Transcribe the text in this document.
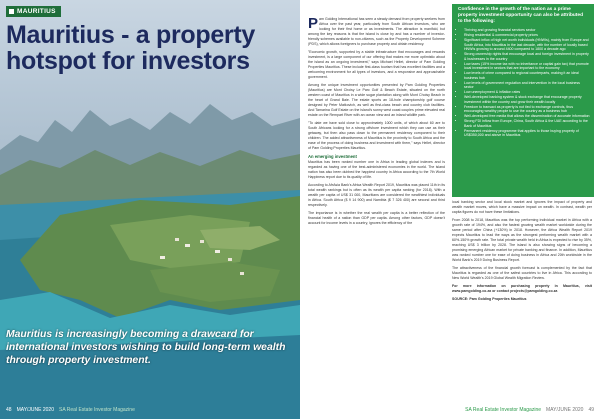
MAURITIUS
Mauritius - a property hotspot for investors
Mauritius is increasingly becoming a drawcard for international investors wishing to build long-term wealth through property investment.
48 MAY/JUNE 2020 SA Real Estate Investor Magazine

Pam Golding International has seen a steady demand from property seekers from Africa over the past year, particularly from South African investors, who are looking for their first home or as investments. The attraction is manifold, but among the key reasons is that the island is close by and has a number of investor-friendly schemes available to non-citizens, such as the Property Development Scheme (PDS), which allows foreigners to purchase property and obtain residency.

"Economic growth, supported by a stable infrastructure that encourages and rewards investment, is a large component of our offering that makes me more optimistic about the island as an ongoing investment," says Michael Hellet, director of Pam Golding Properties Mauritius. These include first-class tourism that has excellent facilities and a welcoming environment for all types of investors, and a responsive and approachable government.

Among the unique investment opportunities presented by Pam Golding Properties (Mauritius) are Mont Choisy Le Parc Golf & Beach Estate, situated on the north western coast of Mauritius in a wide sugar plantation along with Mont Choisy Beach in the heart of Grand Baie. The estate sports an 18-hole championship golf course designed by Peter Matkovich, as well as first-class beach and country club facilities. And Tamarina Golf Estate on the island's sunny west coast couples prime elevated real estate on the Rempart River with an ocean view and an inland wildlife park.

"To date we have sold close to approximately 1000 units, of which about 60 are to South Africans looking for a strong offshore investment which they can use as their getaway, but then also pass down to the permanent residency component to their children. The added attractiveness of Mauritius is the proximity to South Africa and the ease of the process of doing business and investment with them," says Hellet, director of Pam Golding Properties Mauritius.

An emerging investment

Mauritius has been ranked number one in Africa in leading global indexes and is regarded as having one of the best-administered economies in the world. The island nation has also been dubbed the happiest country in Africa according to the 7th World Happiness report due to its quality of life.

According to AfrAsia Bank's Africa Wealth Report 2019, Mauritius was placed 11th in its total wealth rankings but is often as its wealth per capita ranking (for 2018). With a wealth per capita of US$ 31 000, Mauritians are considered the wealthiest individuals in Africa. South Africa ($ 9 14 900) and Namibia ($ 7 326 400) are second and third respectively.

The importance is in whether the real wealth per capita is a better reflection of the financial health of a nation than GDP per capita. Among other factors, GDP doesn't account for income levels in a country, ignores the efficiency of the

Confidence in the growth of the nation as a prime property investment opportunity can also be attributed to the following:
• Thriving and growing financial services sector
• Rising residential & commercial property prices
• Significant influx of high net worth individuals (HNWIs), mainly from Europe and South Africa, into Mauritius in the last decade, with the number of locally based HNWIs growing to around 4400 compared to 1800 a decade ago
• Strong ownership rights that encourage local and foreign investment in property & businesses in the country
• Low taxes (15% income tax with no inheritance or capital gain tax) that promote local investment in sectors that are important to the economy
• Low levels of crime compared to regional counterparts, making it an ideal business hub
• Low levels of government regulation and intervention in the local business sector
• Low unemployment & inflation rates
• Well-developed banking system & stock exchange that encourage property investment within the country and grow their wealth locally
• Freedom to transact as property is not tied to exchange controls, thus encouraging wealthy people to use the country as a business hub
• Well-developed free media that allows the dissemination of accurate information
• Strong FDI inflow from Europe, China, South Africa & the UAE according to the Bank of Mauritius
• Permanent residency programme that applies to those buying property of US$350,000 and above in Mauritius

local banking sector and local stock market and ignores the impact of property and wealth market moves, which have a massive impact on wealth. In contrast, wealth per capita figures do not have these limitations.

From 2008 to 2018, Mauritius was the top performing individual market in Africa with a growth rate of 194%, and also the fastest growing wealth market worldwide during the same period after China (+130%) in 2018. However, the Africa Wealth Report 2019 expects Mauritius to lead the ways as the strongest performing wealth market with a 60%-150% growth rate. The total private wealth held in Africa is expected to rise by 35%, reaching US$ 3 trillion by 2028. The island is also showing signs of becoming a promising emerging African market for private banking and finance. In addition, Mauritius was ranked number one for ease of doing business in Africa and 20th worldwide in the World Bank's 2019 Doing Business Report.

The attractiveness of the financial growth forecast is complemented by the fact that Mauritius is regarded as one of the safest countries to live in Africa. This according to New World Wealth's 2019 Global Wealth Migration Review.

For more information on purchasing property in Mauritius, visit www.pamgolding.co.za or contact projects@pamgolding.co.za

SOURCE: Pam Golding Properties Mauritius

SA Real Estate Investor Magazine MAY/JUNE 2020 49
